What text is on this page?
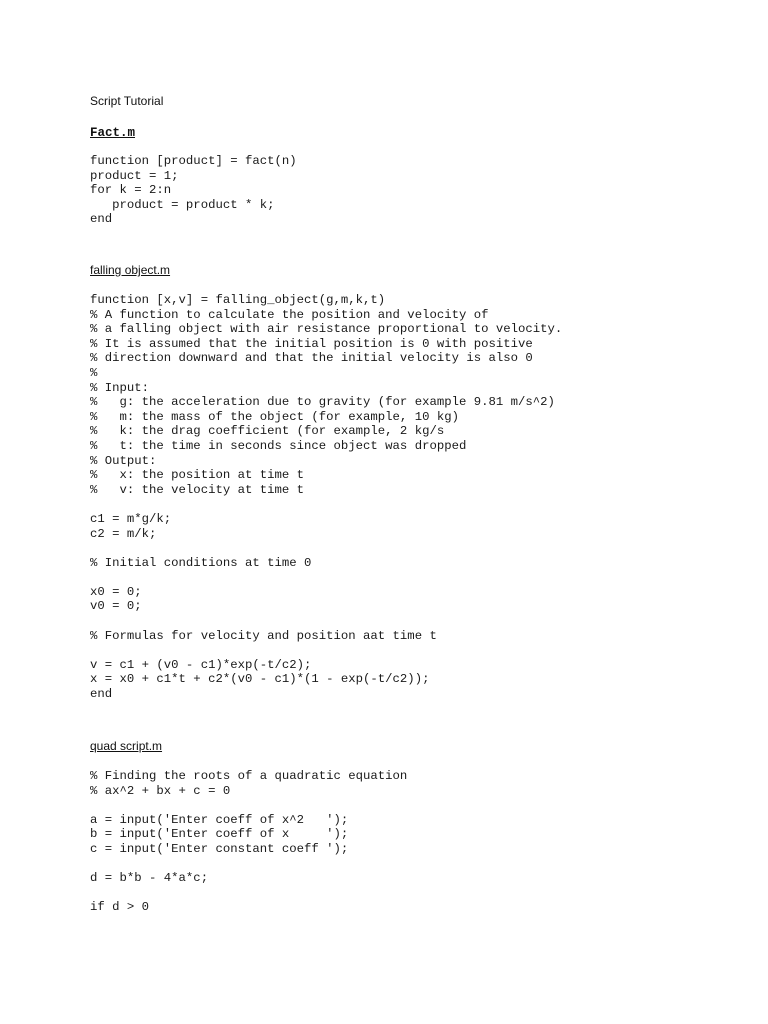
Script Tutorial
Fact.m
function [product] = fact(n)
product = 1;
for k = 2:n
product = product * k;
end
falling object.m
function [x,v] = falling_object(g,m,k,t)
% A function to calculate the position and velocity of
% a falling object with air resistance proportional to velocity.
% It is assumed that the initial position is 0 with positive
% direction downward and that the initial velocity is also 0
%
% Input:
%   g: the acceleration due to gravity (for example 9.81 m/s^2)
%   m: the mass of the object (for example, 10 kg)
%   k: the drag coefficient (for example, 2 kg/s
%   t: the time in seconds since object was dropped
% Output:
%   x: the position at time t
%   v: the velocity at time t

c1 = m*g/k;
c2 = m/k;

% Initial conditions at time 0

x0 = 0;
v0 = 0;

% Formulas for velocity and position aat time t

v = c1 + (v0 - c1)*exp(-t/c2);
x = x0 + c1*t + c2*(v0 - c1)*(1 - exp(-t/c2));
end
quad script.m
% Finding the roots of a quadratic equation
% ax^2 + bx + c = 0

a = input('Enter coeff of x^2   ');
b = input('Enter coeff of x     ');
c = input('Enter constant coeff ');

d = b*b - 4*a*c;

if d > 0
